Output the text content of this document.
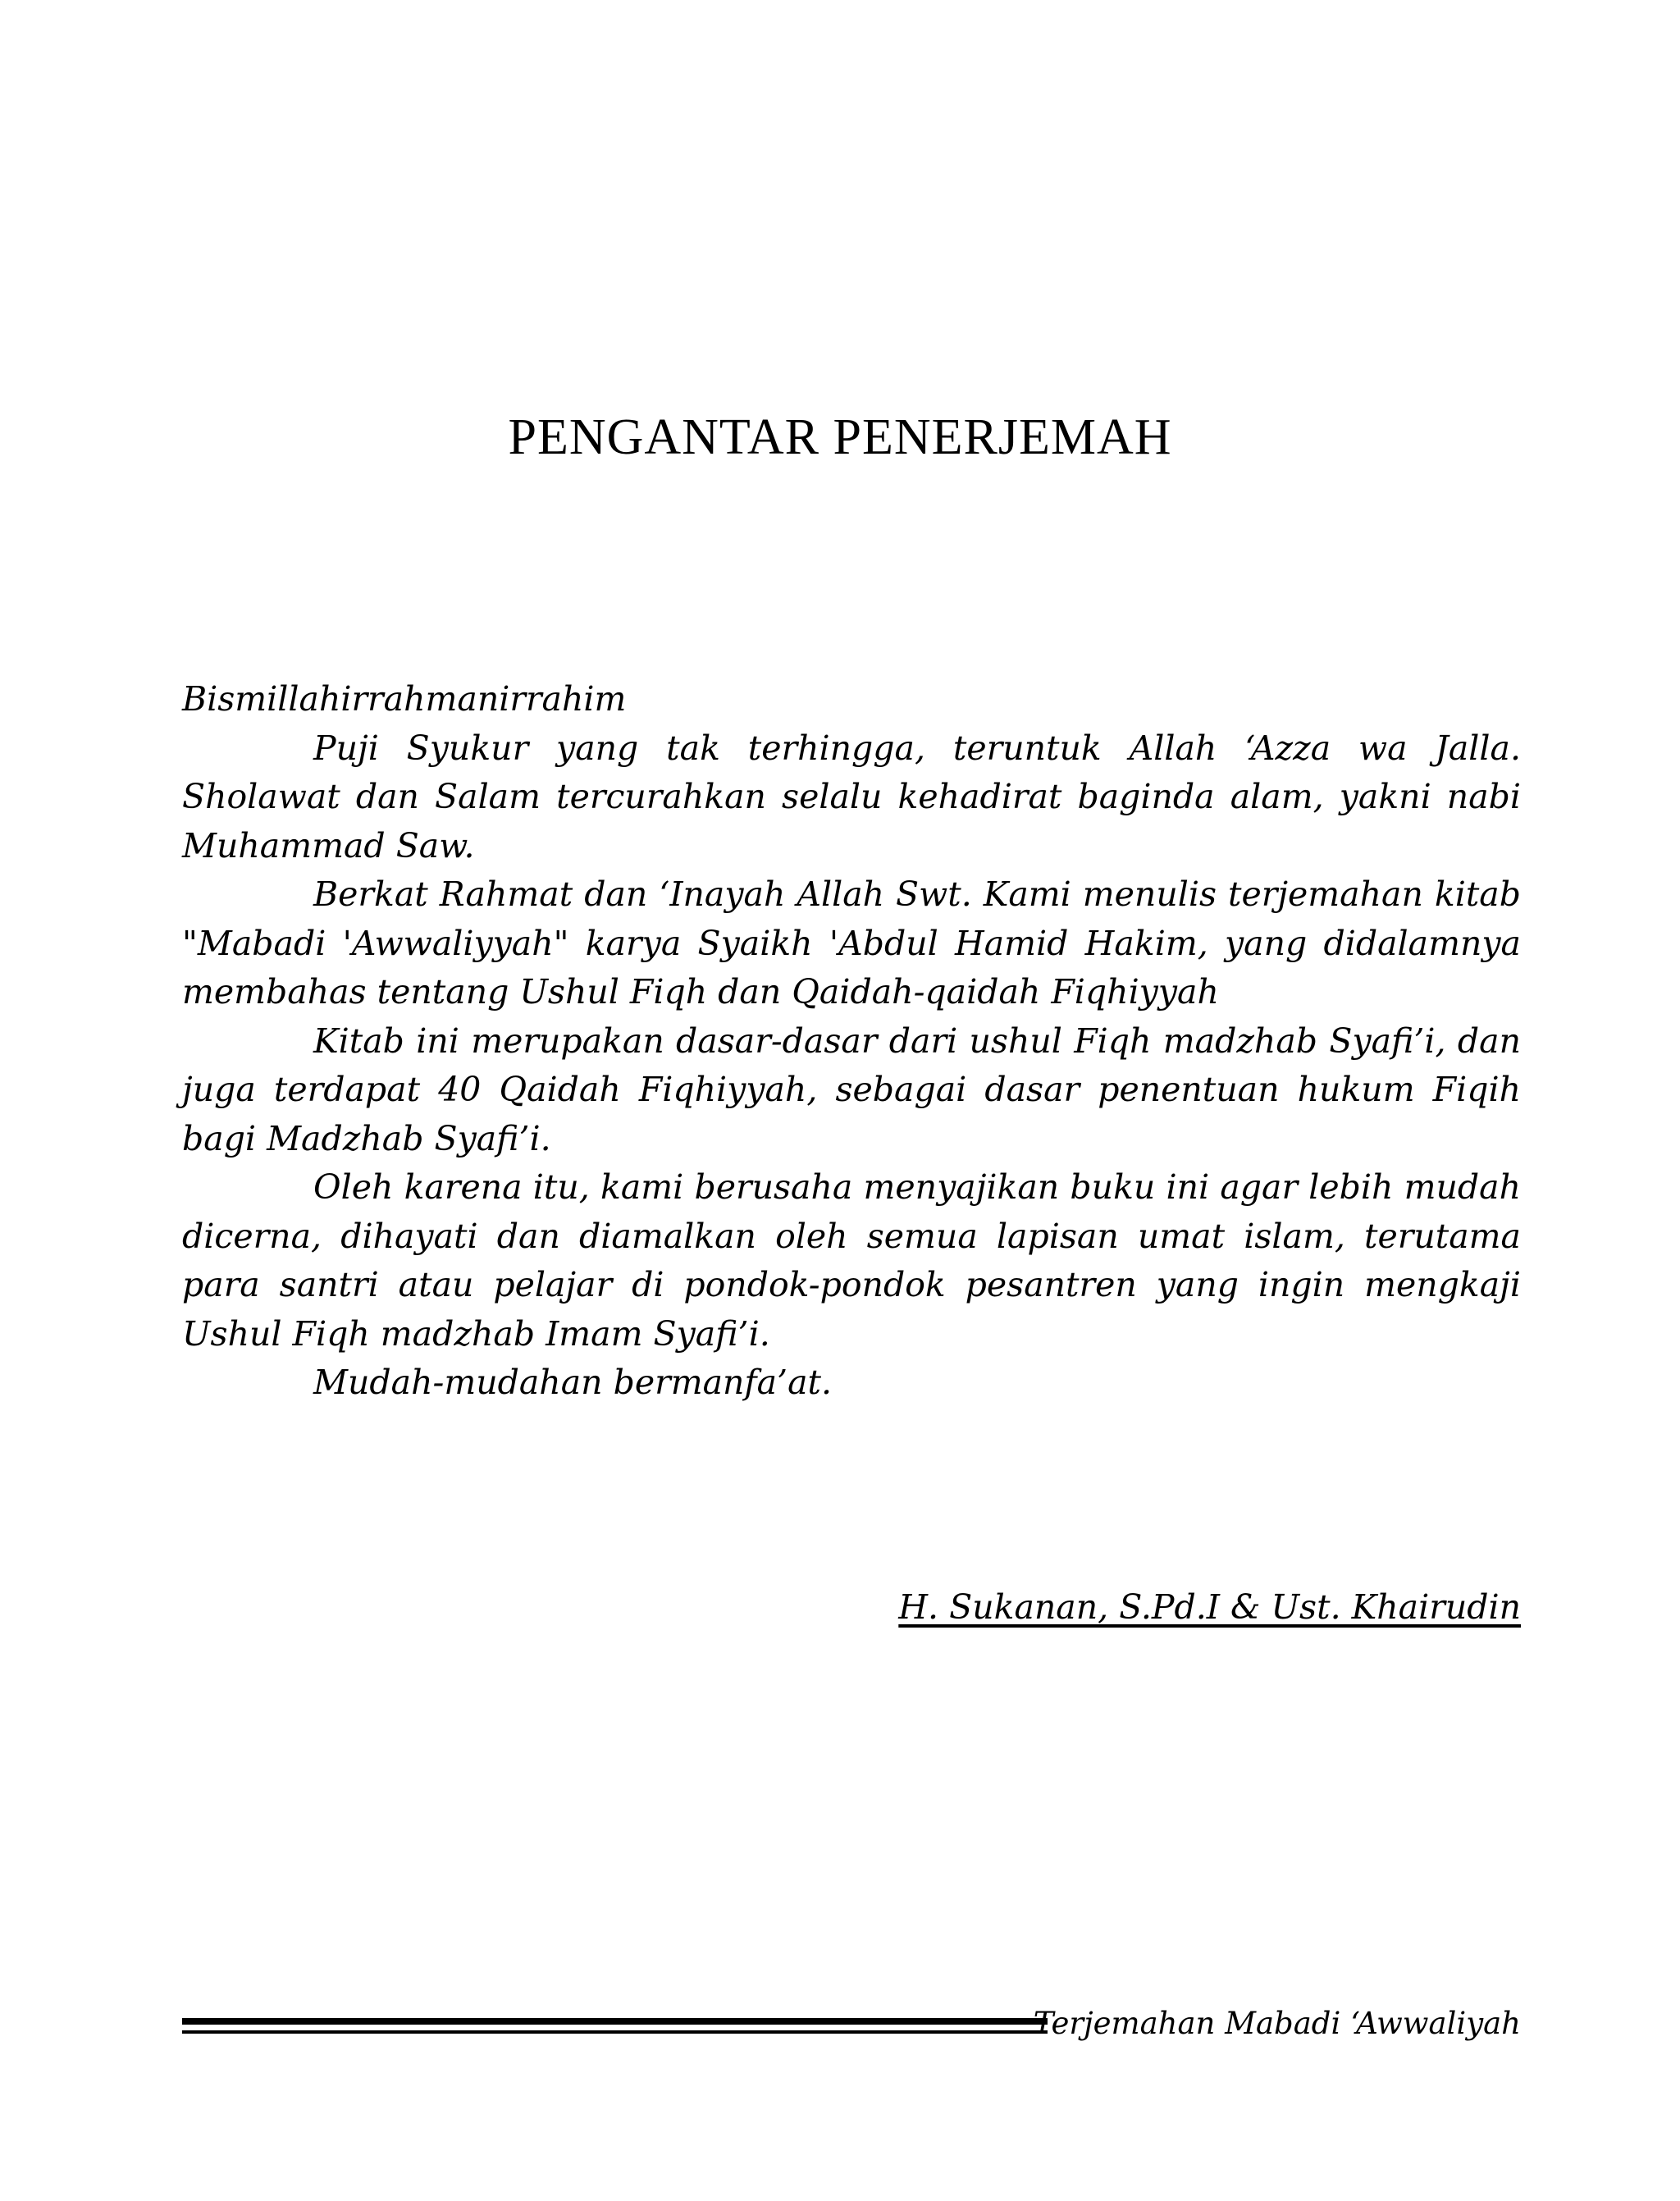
PENGANTAR PENERJEMAH

Bismillahirrahmanirrahim

Puji Syukur yang tak terhingga, teruntuk Allah ‘Azza wa Jalla. Sholawat dan Salam tercurahkan selalu kehadirat baginda alam, yakni nabi Muhammad Saw.

Berkat Rahmat dan ‘Inayah Allah Swt. Kami menulis terjemahan kitab "Mabadi 'Awwaliyyah" karya Syaikh 'Abdul Hamid Hakim, yang didalamnya membahas tentang Ushul Fiqh dan Qaidah-qaidah Fiqhiyyah

Kitab ini merupakan dasar-dasar dari ushul Fiqh madzhab Syafi’i, dan juga terdapat 40 Qaidah Fiqhiyyah, sebagai dasar penentuan hukum Fiqih bagi Madzhab Syafi’i.

Oleh karena itu, kami berusaha menyajikan buku ini agar lebih mudah dicerna, dihayati dan diamalkan oleh semua lapisan umat islam, terutama para santri atau pelajar di pondok-pondok pesantren yang ingin mengkaji Ushul Fiqh madzhab Imam Syafi’i.

Mudah-mudahan bermanfa’at.

H. Sukanan, S.Pd.I & Ust. Khairudin
Terjemahan Mabadi ‘Awwaliyah
